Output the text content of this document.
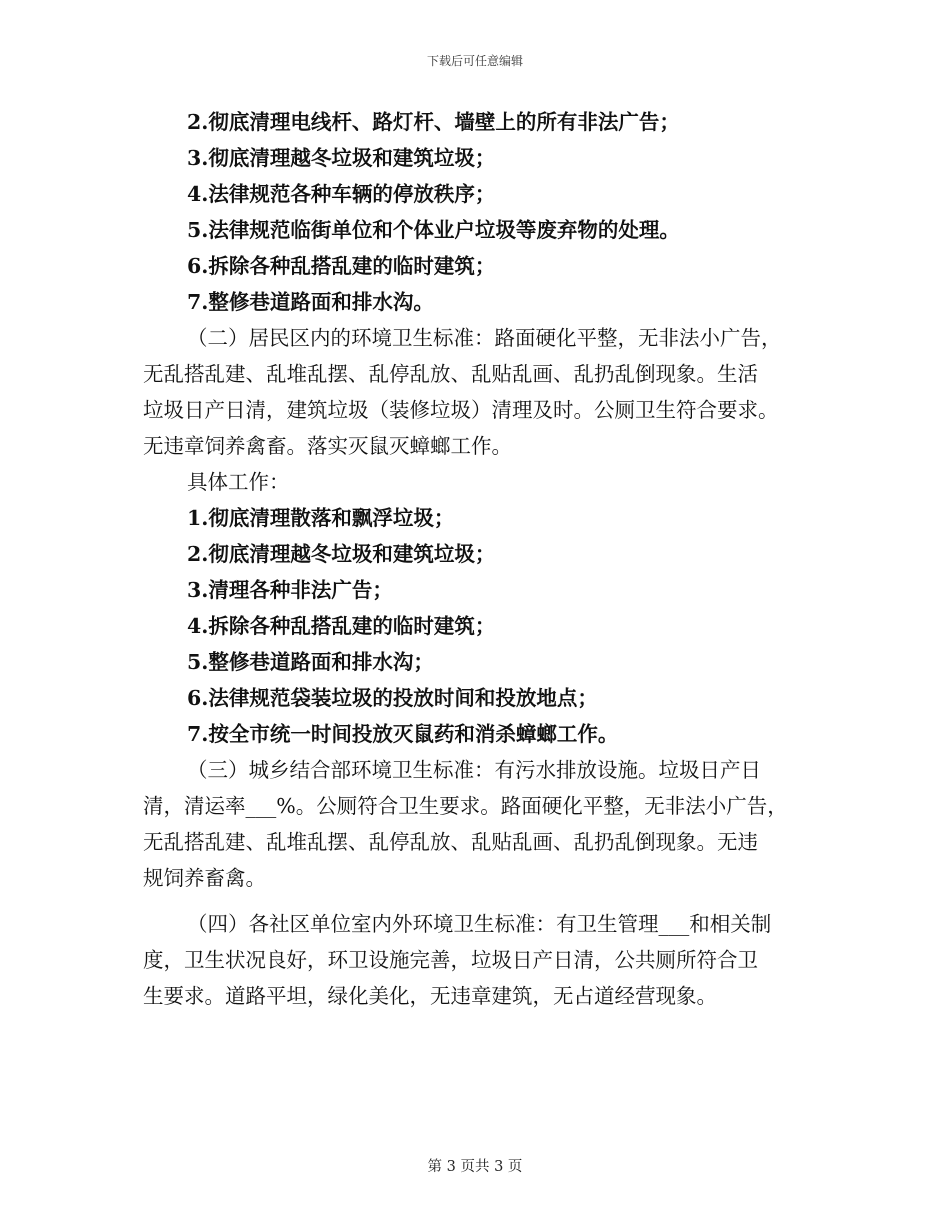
下载后可任意编辑
2.彻底清理电线杆、路灯杆、墙壁上的所有非法广告；
3.彻底清理越冬垃圾和建筑垃圾；
4.法律规范各种车辆的停放秩序；
5.法律规范临街单位和个体业户垃圾等废弃物的处理。
6.拆除各种乱搭乱建的临时建筑；
7.整修巷道路面和排水沟。
（二）居民区内的环境卫生标准：路面硬化平整，无非法小广告，
无乱搭乱建、乱堆乱摆、乱停乱放、乱贴乱画、乱扔乱倒现象。生活
垃圾日产日清，建筑垃圾（装修垃圾）清理及时。公厕卫生符合要求。
无违章饲养禽畜。落实灭鼠灭蟑螂工作。
具体工作：
1.彻底清理散落和飘浮垃圾；
2.彻底清理越冬垃圾和建筑垃圾；
3.清理各种非法广告；
4.拆除各种乱搭乱建的临时建筑；
5.整修巷道路面和排水沟；
6.法律规范袋装垃圾的投放时间和投放地点；
7.按全市统一时间投放灭鼠药和消杀蟑螂工作。
（三）城乡结合部环境卫生标准：有污水排放设施。垃圾日产日
清，清运率___%。公厕符合卫生要求。路面硬化平整，无非法小广告，
无乱搭乱建、乱堆乱摆、乱停乱放、乱贴乱画、乱扔乱倒现象。无违
规饲养畜禽。
（四）各社区单位室内外环境卫生标准：有卫生管理___和相关制
度，卫生状况良好，环卫设施完善，垃圾日产日清，公共厕所符合卫
生要求。道路平坦，绿化美化，无违章建筑，无占道经营现象。
第 3 页共 3 页
